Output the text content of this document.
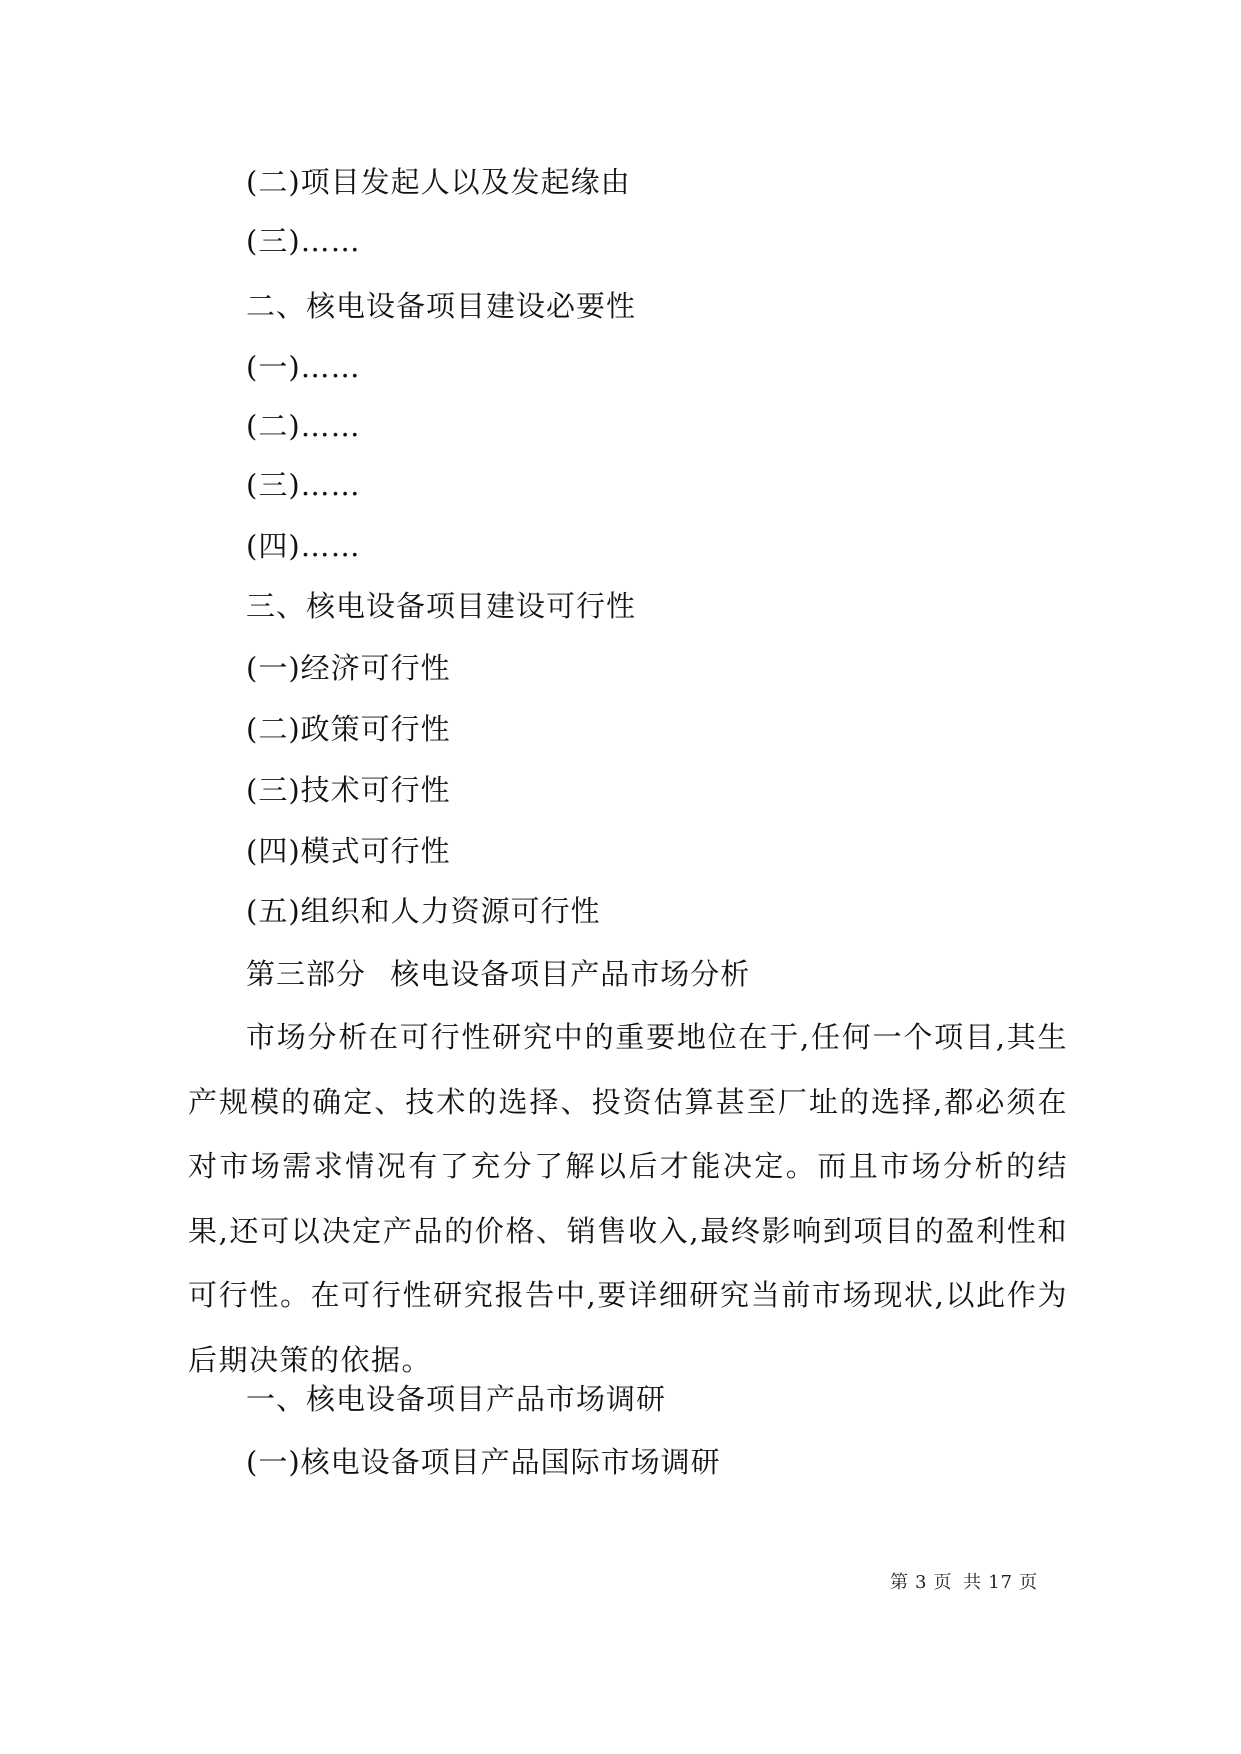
(二)项目发起人以及发起缘由
(三)……
二、核电设备项目建设必要性
(一)……
(二)……
(三)……
(四)……
三、核电设备项目建设可行性
(一)经济可行性
(二)政策可行性
(三)技术可行性
(四)模式可行性
(五)组织和人力资源可行性
第三部分 核电设备项目产品市场分析
市场分析在可行性研究中的重要地位在于,任何一个项目,其生产规模的确定、技术的选择、投资估算甚至厂址的选择,都必须在对市场需求情况有了充分了解以后才能决定。而且市场分析的结果,还可以决定产品的价格、销售收入,最终影响到项目的盈利性和可行性。在可行性研究报告中,要详细研究当前市场现状,以此作为后期决策的依据。
一、核电设备项目产品市场调研
(一)核电设备项目产品国际市场调研
第 3 页 共 17 页
